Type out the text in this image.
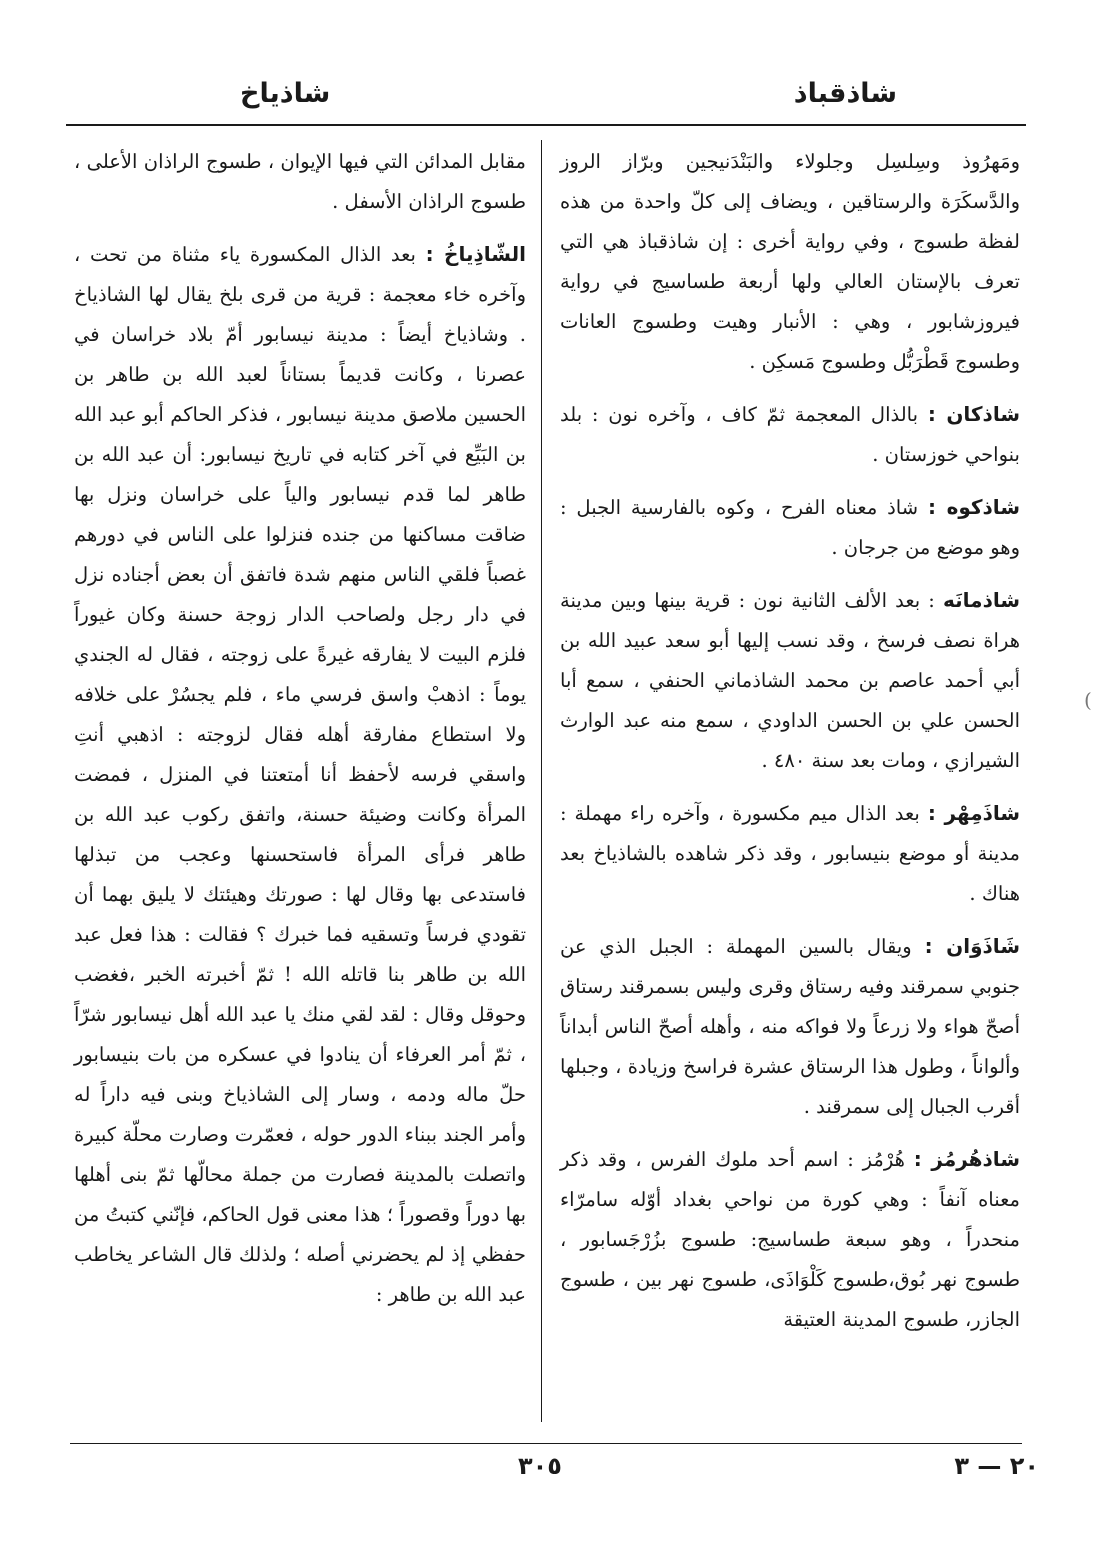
شاذقباذ
شاذياخ

ومَهرُوذ وسِلسِل وجلولاء والبَنْدَنيجين وبرّاز الروز والدَّسكَرَة والرستاقين ، ويضاف إلى كلّ واحدة من هذه لفظة طسوج ، وفي رواية أخرى : إن شاذقباذ هي التي تعرف بالإستان العالي ولها أربعة طساسيج في رواية فيروزشابور ، وهي : الأنبار وهيت وطسوج العانات وطسوج قَطْرَبُّل وطسوج مَسكِن .

شاذكان : بالذال المعجمة ثمّ كاف ، وآخره نون : بلد بنواحي خوزستان .

شاذكوه : شاذ معناه الفرح ، وكوه بالفارسية الجبل : وهو موضع من جرجان .

شاذمانَه : بعد الألف الثانية نون : قرية بينها وبين مدينة هراة نصف فرسخ ، وقد نسب إليها أبو سعد عبيد الله بن أبي أحمد عاصم بن محمد الشاذماني الحنفي ، سمع أبا الحسن علي بن الحسن الداودي ، سمع منه عبد الوارث الشيرازي ، ومات بعد سنة ٤٨٠ .

شاذَمِهْر : بعد الذال ميم مكسورة ، وآخره راء مهملة : مدينة أو موضع بنيسابور ، وقد ذكر شاهده بالشاذياخ بعد هناك .

شَاذَوَان : ويقال بالسين المهملة : الجبل الذي عن جنوبي سمرقند وفيه رستاق وقرى وليس بسمرقند رستاق أصحّ هواء ولا زرعاً ولا فواكه منه ، وأهله أصحّ الناس أبداناً وألواناً ، وطول هذا الرستاق عشرة فراسخ وزيادة ، وجبلها أقرب الجبال إلى سمرقند .

شاذهُرمُز : هُرْمُز : اسم أحد ملوك الفرس ، وقد ذكر معناه آنفاً : وهي كورة من نواحي بغداد أوّله سامرّاء منحدراً ، وهو سبعة طساسيج: طسوج بزُرْجَسابور ، طسوج نهر بُوق،طسوج كَلْوَاذَى، طسوج نهر بين ، طسوج الجازر، طسوج المدينة العتيقة

مقابل المدائن التي فيها الإيوان ، طسوج الراذان الأعلى ، طسوج الراذان الأسفل .

الشّاذِياخُ : بعد الذال المكسورة ياء مثناة من تحت ، وآخره خاء معجمة : قرية من قرى بلخ يقال لها الشاذياخ . وشاذياخ أيضاً : مدينة نيسابور أمّ بلاد خراسان في عصرنا ، وكانت قديماً بستاناً لعبد الله بن طاهر بن الحسين ملاصق مدينة نيسابور ، فذكر الحاكم أبو عبد الله بن البَيِّع في آخر كتابه في تاريخ نيسابور: أن عبد الله بن طاهر لما قدم نيسابور والياً على خراسان ونزل بها ضاقت مساكنها من جنده فنزلوا على الناس في دورهم غصباً فلقي الناس منهم شدة فاتفق أن بعض أجناده نزل في دار رجل ولصاحب الدار زوجة حسنة وكان غيوراً فلزم البيت لا يفارقه غيرةً على زوجته ، فقال له الجندي يوماً : اذهبْ واسق فرسي ماء ، فلم يجسُرْ على خلافه ولا استطاع مفارقة أهله فقال لزوجته : اذهبي أنتِ واسقي فرسه لأحفظ أنا أمتعتنا في المنزل ، فمضت المرأة وكانت وضيئة حسنة، واتفق ركوب عبد الله بن طاهر فرأى المرأة فاستحسنها وعجب من تبذلها فاستدعى بها وقال لها : صورتك وهيئتك لا يليق بهما أن تقودي فرساً وتسقيه فما خبرك ؟ فقالت : هذا فعل عبد الله بن طاهر بنا قاتله الله ! ثمّ أخبرته الخبر ،فغضب وحوقل وقال : لقد لقي منك يا عبد الله أهل نيسابور شرّاً ، ثمّ أمر العرفاء أن ينادوا في عسكره من بات بنيسابور حلّ ماله ودمه ، وسار إلى الشاذياخ وبنى فيه داراً له وأمر الجند ببناء الدور حوله ، فعمّرت وصارت محلّة كبيرة واتصلت بالمدينة فصارت من جملة محالّها ثمّ بنى أهلها بها دوراً وقصوراً ؛ هذا معنى قول الحاكم، فإنّني كتبتُ من حفظي إذ لم يحضرني أصله ؛ ولذلك قال الشاعر يخاطب عبد الله بن طاهر :

(
٣٠٥	٢٠ — ٣
